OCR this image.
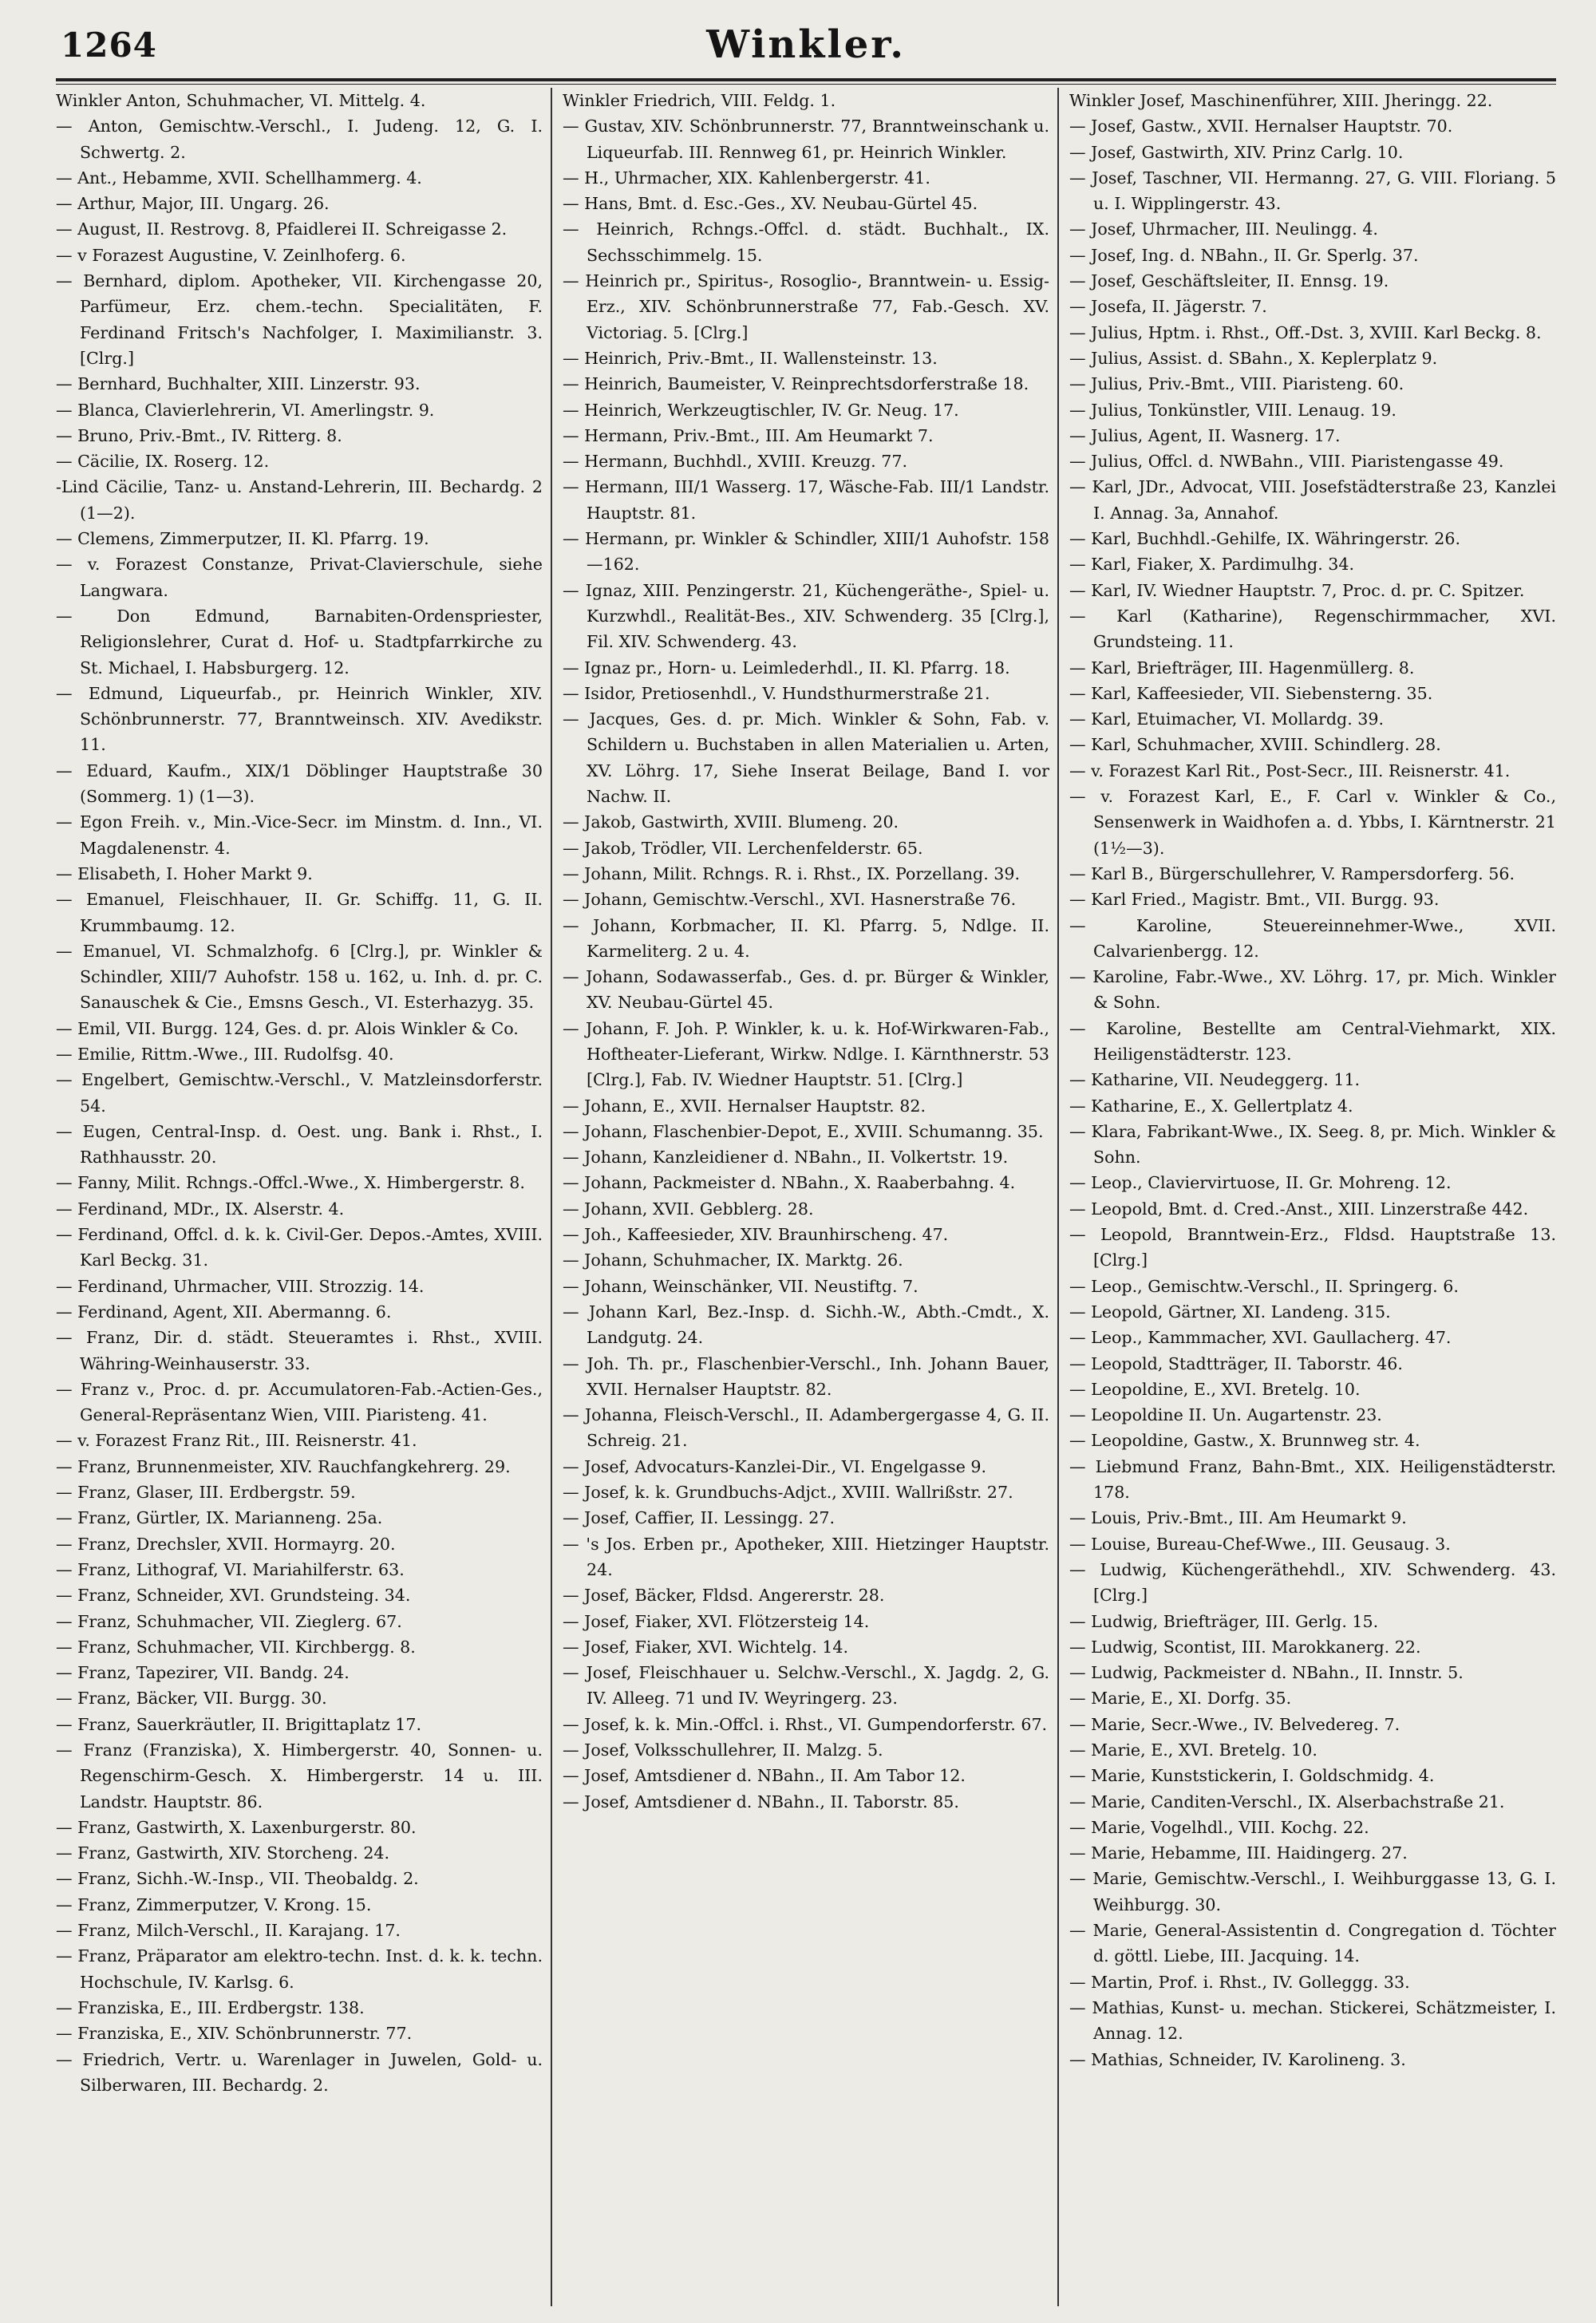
1264	Winkler.

Winkler Anton, Schuhmacher, VI. Mittelg. 4.

— Anton, Gemischtw.-Verschl., I. Judeng. 12, G. I. Schwertg. 2.

— Ant., Hebamme, XVII. Schellhammerg. 4.

— Arthur, Major, III. Ungarg. 26.

— August, II. Restrovg. 8, Pfaidlerei II. Schreigasse 2.

— v Forazest Augustine, V. Zeinlhoferg. 6.

— Bernhard, diplom. Apotheker, VII. Kirchengasse 20, Parfümeur, Erz. chem.-techn. Specialitäten, F. Ferdinand Fritsch's Nachfolger, I. Maximilianstr. 3. [Clrg.]

— Bernhard, Buchhalter, XIII. Linzerstr. 93.

— Blanca, Clavierlehrerin, VI. Amerlingstr. 9.

— Bruno, Priv.-Bmt., IV. Ritterg. 8.

— Cäcilie, IX. Roserg. 12.

-Lind Cäcilie, Tanz- u. Anstand-Lehrerin, III. Bechardg. 2 (1—2).

— Clemens, Zimmerputzer, II. Kl. Pfarrg. 19.

— v. Forazest Constanze, Privat-Clavierschule, siehe Langwara.

— Don Edmund, Barnabiten-Ordenspriester, Religionslehrer, Curat d. Hof- u. Stadtpfarrkirche zu St. Michael, I. Habsburgerg. 12.

— Edmund, Liqueurfab., pr. Heinrich Winkler, XIV. Schönbrunnerstr. 77, Branntweinsch. XIV. Avedikstr. 11.

— Eduard, Kaufm., XIX/1 Döblinger Hauptstraße 30 (Sommerg. 1) (1—3).

— Egon Freih. v., Min.-Vice-Secr. im Minstm. d. Inn., VI. Magdalenenstr. 4.

— Elisabeth, I. Hoher Markt 9.

— Emanuel, Fleischhauer, II. Gr. Schiffg. 11, G. II. Krummbaumg. 12.

— Emanuel, VI. Schmalzhofg. 6 [Clrg.], pr. Winkler & Schindler, XIII/7 Auhofstr. 158 u. 162, u. Inh. d. pr. C. Sanauschek & Cie., Emsns Gesch., VI. Esterhazyg. 35.

— Emil, VII. Burgg. 124, Ges. d. pr. Alois Winkler & Co.

— Emilie, Rittm.-Wwe., III. Rudolfsg. 40.

— Engelbert, Gemischtw.-Verschl., V. Matzleinsdorferstr. 54.

— Eugen, Central-Insp. d. Oest. ung. Bank i. Rhst., I. Rathhausstr. 20.

— Fanny, Milit. Rchngs.-Offcl.-Wwe., X. Himbergerstr. 8.

— Ferdinand, MDr., IX. Alserstr. 4.

— Ferdinand, Offcl. d. k. k. Civil-Ger. Depos.-Amtes, XVIII. Karl Beckg. 31.

— Ferdinand, Uhrmacher, VIII. Strozzig. 14.

— Ferdinand, Agent, XII. Abermanng. 6.

— Franz, Dir. d. städt. Steueramtes i. Rhst., XVIII. Währing-Weinhauserstr. 33.

— Franz v., Proc. d. pr. Accumulatoren-Fab.-Actien-Ges., General-Repräsentanz Wien, VIII. Piaristeng. 41.

— v. Forazest Franz Rit., III. Reisnerstr. 41.

— Franz, Brunnenmeister, XIV. Rauchfangkehrerg. 29.

— Franz, Glaser, III. Erdbergstr. 59.

— Franz, Gürtler, IX. Marianneng. 25a.

— Franz, Drechsler, XVII. Hormayrg. 20.

— Franz, Lithograf, VI. Mariahilferstr. 63.

— Franz, Schneider, XVI. Grundsteing. 34.

— Franz, Schuhmacher, VII. Zieglerg. 67.

— Franz, Schuhmacher, VII. Kirchbergg. 8.

— Franz, Tapezirer, VII. Bandg. 24.

— Franz, Bäcker, VII. Burgg. 30.

— Franz, Sauerkräutler, II. Brigittaplatz 17.

— Franz (Franziska), X. Himbergerstr. 40, Sonnen- u. Regenschirm-Gesch. X. Himbergerstr. 14 u. III. Landstr. Hauptstr. 86.

— Franz, Gastwirth, X. Laxenburgerstr. 80.

— Franz, Gastwirth, XIV. Storcheng. 24.

— Franz, Sichh.-W.-Insp., VII. Theobaldg. 2.

— Franz, Zimmerputzer, V. Krong. 15.

— Franz, Milch-Verschl., II. Karajang. 17.

— Franz, Präparator am elektro-techn. Inst. d. k. k. techn. Hochschule, IV. Karlsg. 6.

— Franziska, E., III. Erdbergstr. 138.

— Franziska, E., XIV. Schönbrunnerstr. 77.

— Friedrich, Vertr. u. Warenlager in Juwelen, Gold- u. Silberwaren, III. Bechardg. 2.

Winkler Friedrich, VIII. Feldg. 1.

— Gustav, XIV. Schönbrunnerstr. 77, Branntweinschank u. Liqueurfab. III. Rennweg 61, pr. Heinrich Winkler.

— H., Uhrmacher, XIX. Kahlenbergerstr. 41.

— Hans, Bmt. d. Esc.-Ges., XV. Neubau-Gürtel 45.

— Heinrich, Rchngs.-Offcl. d. städt. Buchhalt., IX. Sechsschimmelg. 15.

— Heinrich pr., Spiritus-, Rosoglio-, Branntwein- u. Essig-Erz., XIV. Schönbrunnerstraße 77, Fab.-Gesch. XV. Victoriag. 5. [Clrg.]

— Heinrich, Priv.-Bmt., II. Wallensteinstr. 13.

— Heinrich, Baumeister, V. Reinprechtsdorferstraße 18.

— Heinrich, Werkzeugtischler, IV. Gr. Neug. 17.

— Hermann, Priv.-Bmt., III. Am Heumarkt 7.

— Hermann, Buchhdl., XVIII. Kreuzg. 77.

— Hermann, III/1 Wasserg. 17, Wäsche-Fab. III/1 Landstr. Hauptstr. 81.

— Hermann, pr. Winkler & Schindler, XIII/1 Auhofstr. 158—162.

— Ignaz, XIII. Penzingerstr. 21, Küchengeräthe-, Spiel- u. Kurzwhdl., Realität-Bes., XIV. Schwenderg. 35 [Clrg.], Fil. XIV. Schwenderg. 43.

— Ignaz pr., Horn- u. Leimlederhdl., II. Kl. Pfarrg. 18.

— Isidor, Pretiosenhdl., V. Hundsthurmerstraße 21.

— Jacques, Ges. d. pr. Mich. Winkler & Sohn, Fab. v. Schildern u. Buchstaben in allen Materialien u. Arten, XV. Löhrg. 17, Siehe Inserat Beilage, Band I. vor Nachw. II.

— Jakob, Gastwirth, XVIII. Blumeng. 20.

— Jakob, Trödler, VII. Lerchenfelderstr. 65.

— Johann, Milit. Rchngs. R. i. Rhst., IX. Porzellang. 39.

— Johann, Gemischtw.-Verschl., XVI. Hasnerstraße 76.

— Johann, Korbmacher, II. Kl. Pfarrg. 5, Ndlge. II. Karmeliterg. 2 u. 4.

— Johann, Sodawasserfab., Ges. d. pr. Bürger & Winkler, XV. Neubau-Gürtel 45.

— Johann, F. Joh. P. Winkler, k. u. k. Hof-Wirkwaren-Fab., Hoftheater-Lieferant, Wirkw. Ndlge. I. Kärnthnerstr. 53 [Clrg.], Fab. IV. Wiedner Hauptstr. 51. [Clrg.]

— Johann, E., XVII. Hernalser Hauptstr. 82.

— Johann, Flaschenbier-Depot, E., XVIII. Schumanng. 35.

— Johann, Kanzleidiener d. NBahn., II. Volkertstr. 19.

— Johann, Packmeister d. NBahn., X. Raaberbahng. 4.

— Johann, XVII. Gebblerg. 28.

— Joh., Kaffeesieder, XIV. Braunhirscheng. 47.

— Johann, Schuhmacher, IX. Marktg. 26.

— Johann, Weinschänker, VII. Neustiftg. 7.

— Johann Karl, Bez.-Insp. d. Sichh.-W., Abth.-Cmdt., X. Landgutg. 24.

— Joh. Th. pr., Flaschenbier-Verschl., Inh. Johann Bauer, XVII. Hernalser Hauptstr. 82.

— Johanna, Fleisch-Verschl., II. Adambergergasse 4, G. II. Schreig. 21.

— Josef, Advocaturs-Kanzlei-Dir., VI. Engelgasse 9.

— Josef, k. k. Grundbuchs-Adjct., XVIII. Wallrißstr. 27.

— Josef, Caffier, II. Lessingg. 27.

— 's Jos. Erben pr., Apotheker, XIII. Hietzinger Hauptstr. 24.

— Josef, Bäcker, Fldsd. Angererstr. 28.

— Josef, Fiaker, XVI. Flötzersteig 14.

— Josef, Fiaker, XVI. Wichtelg. 14.

— Josef, Fleischhauer u. Selchw.-Verschl., X. Jagdg. 2, G. IV. Alleeg. 71 und IV. Weyringerg. 23.

— Josef, k. k. Min.-Offcl. i. Rhst., VI. Gumpendorferstr. 67.

— Josef, Volksschullehrer, II. Malzg. 5.

— Josef, Amtsdiener d. NBahn., II. Am Tabor 12.

— Josef, Amtsdiener d. NBahn., II. Taborstr. 85.

Winkler Josef, Maschinenführer, XIII. Jheringg. 22.

— Josef, Gastw., XVII. Hernalser Hauptstr. 70.

— Josef, Gastwirth, XIV. Prinz Carlg. 10.

— Josef, Taschner, VII. Hermanng. 27, G. VIII. Floriang. 5 u. I. Wipplingerstr. 43.

— Josef, Uhrmacher, III. Neulingg. 4.

— Josef, Ing. d. NBahn., II. Gr. Sperlg. 37.

— Josef, Geschäftsleiter, II. Ennsg. 19.

— Josefa, II. Jägerstr. 7.

— Julius, Hptm. i. Rhst., Off.-Dst. 3, XVIII. Karl Beckg. 8.

— Julius, Assist. d. SBahn., X. Keplerplatz 9.

— Julius, Priv.-Bmt., VIII. Piaristeng. 60.

— Julius, Tonkünstler, VIII. Lenaug. 19.

— Julius, Agent, II. Wasnerg. 17.

— Julius, Offcl. d. NWBahn., VIII. Piaristengasse 49.

— Karl, JDr., Advocat, VIII. Josefstädterstraße 23, Kanzlei I. Annag. 3a, Annahof.

— Karl, Buchhdl.-Gehilfe, IX. Währingerstr. 26.

— Karl, Fiaker, X. Pardimulhg. 34.

— Karl, IV. Wiedner Hauptstr. 7, Proc. d. pr. C. Spitzer.

— Karl (Katharine), Regenschirmmacher, XVI. Grundsteing. 11.

— Karl, Briefträger, III. Hagenmüllerg. 8.

— Karl, Kaffeesieder, VII. Siebensterng. 35.

— Karl, Etuimacher, VI. Mollardg. 39.

— Karl, Schuhmacher, XVIII. Schindlerg. 28.

— v. Forazest Karl Rit., Post-Secr., III. Reisnerstr. 41.

— v. Forazest Karl, E., F. Carl v. Winkler & Co., Sensenwerk in Waidhofen a. d. Ybbs, I. Kärntnerstr. 21 (1½—3).

— Karl B., Bürgerschullehrer, V. Rampersdorferg. 56.

— Karl Fried., Magistr. Bmt., VII. Burgg. 93.

— Karoline, Steuereinnehmer-Wwe., XVII. Calvarienbergg. 12.

— Karoline, Fabr.-Wwe., XV. Löhrg. 17, pr. Mich. Winkler & Sohn.

— Karoline, Bestellte am Central-Viehmarkt, XIX. Heiligenstädterstr. 123.

— Katharine, VII. Neudeggerg. 11.

— Katharine, E., X. Gellertplatz 4.

— Klara, Fabrikant-Wwe., IX. Seeg. 8, pr. Mich. Winkler & Sohn.

— Leop., Claviervirtuose, II. Gr. Mohreng. 12.

— Leopold, Bmt. d. Cred.-Anst., XIII. Linzerstraße 442.

— Leopold, Branntwein-Erz., Fldsd. Hauptstraße 13. [Clrg.]

— Leop., Gemischtw.-Verschl., II. Springerg. 6.

— Leopold, Gärtner, XI. Landeng. 315.

— Leop., Kammmacher, XVI. Gaullacherg. 47.

— Leopold, Stadtträger, II. Taborstr. 46.

— Leopoldine, E., XVI. Bretelg. 10.

— Leopoldine II. Un. Augartenstr. 23.

— Leopoldine, Gastw., X. Brunnweg str. 4.

— Liebmund Franz, Bahn-Bmt., XIX. Heiligenstädterstr. 178.

— Louis, Priv.-Bmt., III. Am Heumarkt 9.

— Louise, Bureau-Chef-Wwe., III. Geusaug. 3.

— Ludwig, Küchengeräthehdl., XIV. Schwenderg. 43. [Clrg.]

— Ludwig, Briefträger, III. Gerlg. 15.

— Ludwig, Scontist, III. Marokkanerg. 22.

— Ludwig, Packmeister d. NBahn., II. Innstr. 5.

— Marie, E., XI. Dorfg. 35.

— Marie, Secr.-Wwe., IV. Belvedereg. 7.

— Marie, E., XVI. Bretelg. 10.

— Marie, Kunststickerin, I. Goldschmidg. 4.

— Marie, Canditen-Verschl., IX. Alserbachstraße 21.

— Marie, Vogelhdl., VIII. Kochg. 22.

— Marie, Hebamme, III. Haidingerg. 27.

— Marie, Gemischtw.-Verschl., I. Weihburggasse 13, G. I. Weihburgg. 30.

— Marie, General-Assistentin d. Congregation d. Töchter d. göttl. Liebe, III. Jacquing. 14.

— Martin, Prof. i. Rhst., IV. Golleggg. 33.

— Mathias, Kunst- u. mechan. Stickerei, Schätzmeister, I. Annag. 12.

— Mathias, Schneider, IV. Karolineng. 3.
